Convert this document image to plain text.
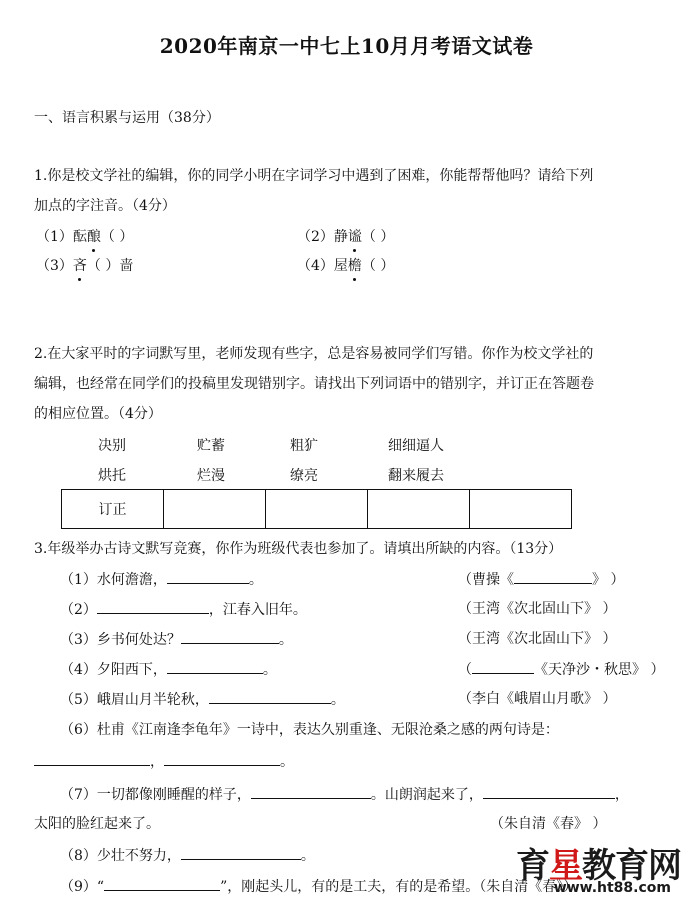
2020年南京一中七上10月月考语文试卷
一、语言积累与运用（38分）
1.你是校文学社的编辑，你的同学小明在字词学习中遇到了困难，你能帮帮他吗？请给下列
加点的字注音。（4分）
（1）酝酿（ ）	（2）静谧（ ）
（3）吝（ ）啬	（4）屋檐（ ）
2.在大家平时的字词默写里，老师发现有些字，总是容易被同学们写错。你作为校文学社的
编辑，也经常在同学们的投稿里发现错别字。请找出下列词语中的错别字，并订正在答题卷
的相应位置。（4分）
决别	贮蓄	粗犷	细细逼人
烘托	烂漫	缭亮	翻来履去
订正				
3.年级举办古诗文默写竞赛，你作为班级代表也参加了。请填出所缺的内容。（13分）
（1）水何澹澹，	。	（曹操《	》 ）
（2）	，江春入旧年。	（王湾《次北固山下》 ）
（3）乡书何处达？	。	（王湾《次北固山下》 ）
（4）夕阳西下，	。	（	《天净沙・秋思》 ）
（5）峨眉山月半轮秋，	。	（李白《峨眉山月歌》 ）
（6）杜甫《江南逢李龟年》一诗中，表达久别重逢、无限沧桑之感的两句诗是：
，	。
（7）一切都像刚睡醒的样子，	。山朗润起来了，	，
太阳的脸红起来了。	（朱自清《春》 ）
（8）少壮不努力，	。
（9）“	”，刚起头儿，有的是工夫，有的是希望。（朱自清《春》）
育星教育网
www.ht88.com
